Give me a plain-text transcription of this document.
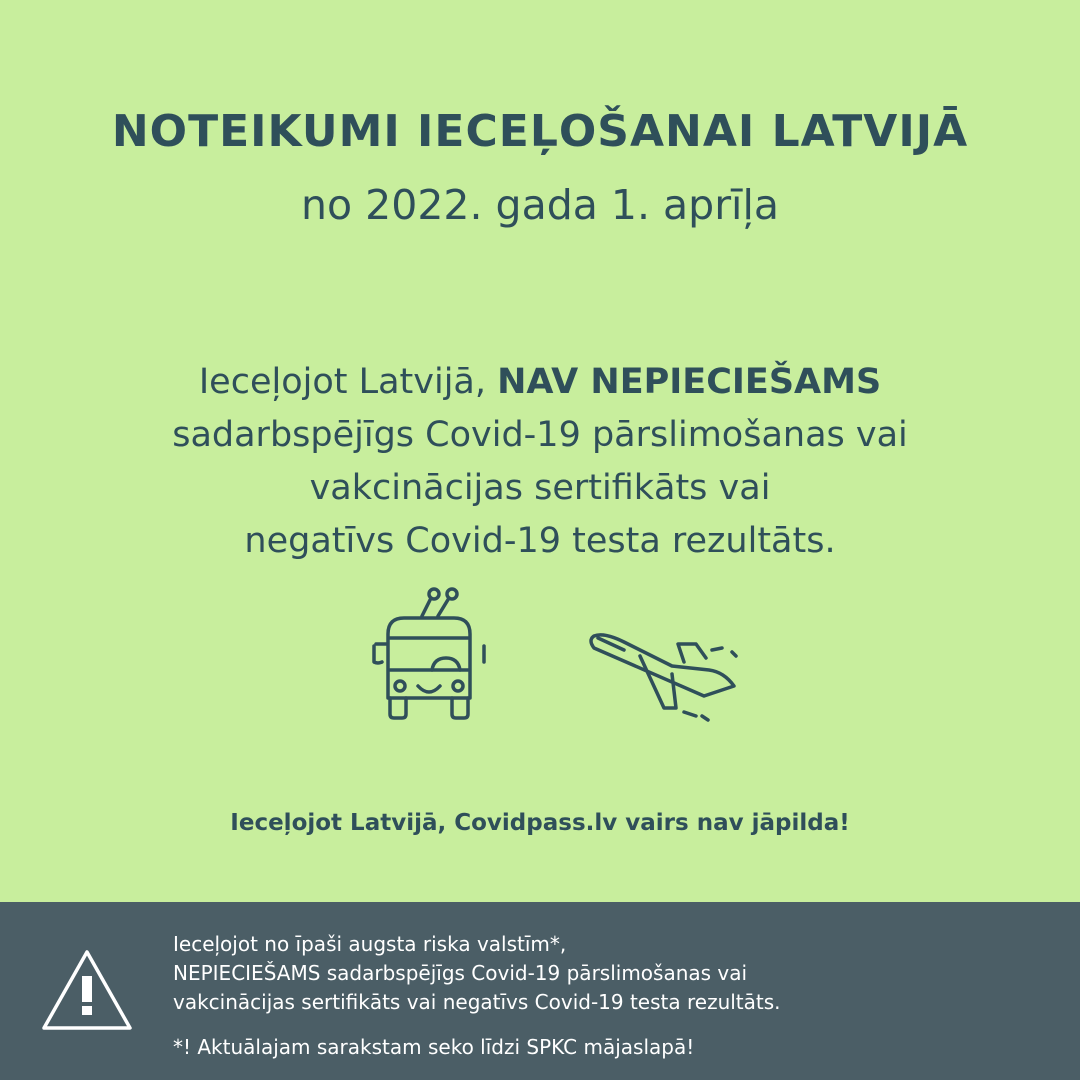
NOTEIKUMI IECEĻOŠANAI LATVIJĀ
no 2022. gada 1. aprīļa
Ieceļojot Latvijā, NAV NEPIECIEŠAMS
sadarbspējīgs Covid-19 pārslimošanas vai
vakcinācijas sertifikāts vai
negatīvs Covid-19 testa rezultāts.
Ieceļojot Latvijā, Covidpass.lv vairs nav jāpilda!
Ieceļojot no īpaši augsta riska valstīm*,
NEPIECIEŠAMS sadarbspējīgs Covid-19 pārslimošanas vai
vakcinācijas sertifikāts vai negatīvs Covid-19 testa rezultāts.
*! Aktuālajam sarakstam seko līdzi SPKC mājaslapā!
